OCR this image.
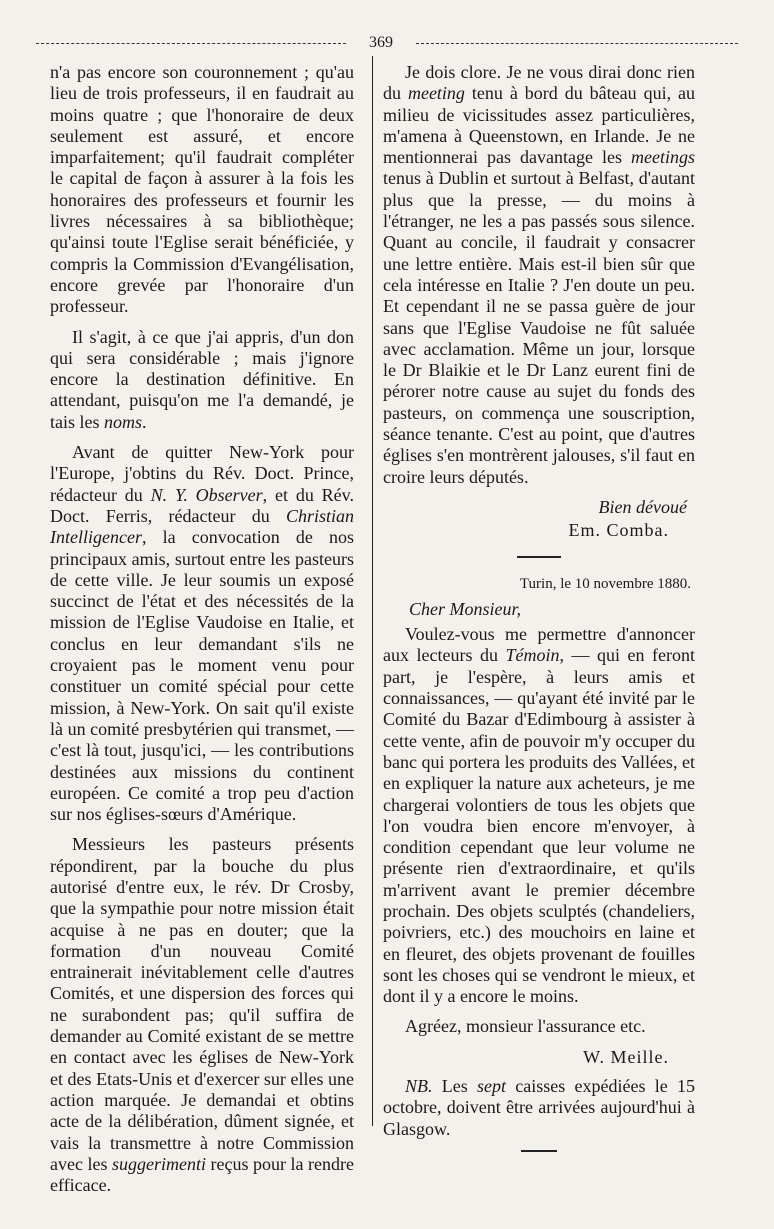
369

n'a pas encore son couronnement ; qu'au lieu de trois professeurs, il en faudrait au moins quatre ; que l'honoraire de deux seulement est assuré, et encore imparfaitement; qu'il faudrait compléter le capital de façon à assurer à la fois les honoraires des professeurs et fournir les livres nécessaires à sa bibliothèque; qu'ainsi toute l'Eglise serait bénéficiée, y compris la Commission d'Evangélisation, encore grevée par l'honoraire d'un professeur.

Il s'agit, à ce que j'ai appris, d'un don qui sera considérable ; mais j'ignore encore la destination définitive. En attendant, puisqu'on me l'a demandé, je tais les noms.

Avant de quitter New-York pour l'Europe, j'obtins du Rév. Doct. Prince, rédacteur du N. Y. Observer, et du Rév. Doct. Ferris, rédacteur du Christian Intelligencer, la convocation de nos principaux amis, surtout entre les pasteurs de cette ville. Je leur soumis un exposé succinct de l'état et des nécessités de la mission de l'Eglise Vaudoise en Italie, et conclus en leur demandant s'ils ne croyaient pas le moment venu pour constituer un comité spécial pour cette mission, à New-York. On sait qu'il existe là un comité presbytérien qui transmet, — c'est là tout, jusqu'ici, — les contributions destinées aux missions du continent européen. Ce comité a trop peu d'action sur nos églises-sœurs d'Amérique.

Messieurs les pasteurs présents répondirent, par la bouche du plus autorisé d'entre eux, le rév. Dr Crosby, que la sympathie pour notre mission était acquise à ne pas en douter; que la formation d'un nouveau Comité entrainerait inévitablement celle d'autres Comités, et une dispersion des forces qui ne surabondent pas; qu'il suffira de demander au Comité existant de se mettre en contact avec les églises de New-York et des Etats-Unis et d'exercer sur elles une action marquée. Je demandai et obtins acte de la délibération, dûment signée, et vais la transmettre à notre Commission avec les suggerimenti reçus pour la rendre efficace.

Je dois clore. Je ne vous dirai donc rien du meeting tenu à bord du bâteau qui, au milieu de vicissitudes assez particulières, m'amena à Queenstown, en Irlande. Je ne mentionnerai pas davantage les meetings tenus à Dublin et surtout à Belfast, d'autant plus que la presse, — du moins à l'étranger, ne les a pas passés sous silence. Quant au concile, il faudrait y consacrer une lettre entière. Mais est-il bien sûr que cela intéresse en Italie ? J'en doute un peu. Et cependant il ne se passa guère de jour sans que l'Eglise Vaudoise ne fût saluée avec acclamation. Même un jour, lorsque le Dr Blaikie et le Dr Lanz eurent fini de pérorer notre cause au sujet du fonds des pasteurs, on commença une souscription, séance tenante. C'est au point, que d'autres églises s'en montrèrent jalouses, s'il faut en croire leurs députés.

Bien dévoué
Em. Comba.
Turin, le 10 novembre 1880.
Cher Monsieur,

Voulez-vous me permettre d'annoncer aux lecteurs du Témoin, — qui en feront part, je l'espère, à leurs amis et connaissances, — qu'ayant été invité par le Comité du Bazar d'Edimbourg à assister à cette vente, afin de pouvoir m'y occuper du banc qui portera les produits des Vallées, et en expliquer la nature aux acheteurs, je me chargerai volontiers de tous les objets que l'on voudra bien encore m'envoyer, à condition cependant que leur volume ne présente rien d'extraordinaire, et qu'ils m'arrivent avant le premier décembre prochain. Des objets sculptés (chandeliers, poivriers, etc.) des mouchoirs en laine et en fleuret, des objets provenant de fouilles sont les choses qui se vendront le mieux, et dont il y a encore le moins.

Agréez, monsieur l'assurance etc.

W. Meille.

NB. Les sept caisses expédiées le 15 octobre, doivent être arrivées aujourd'hui à Glasgow.
